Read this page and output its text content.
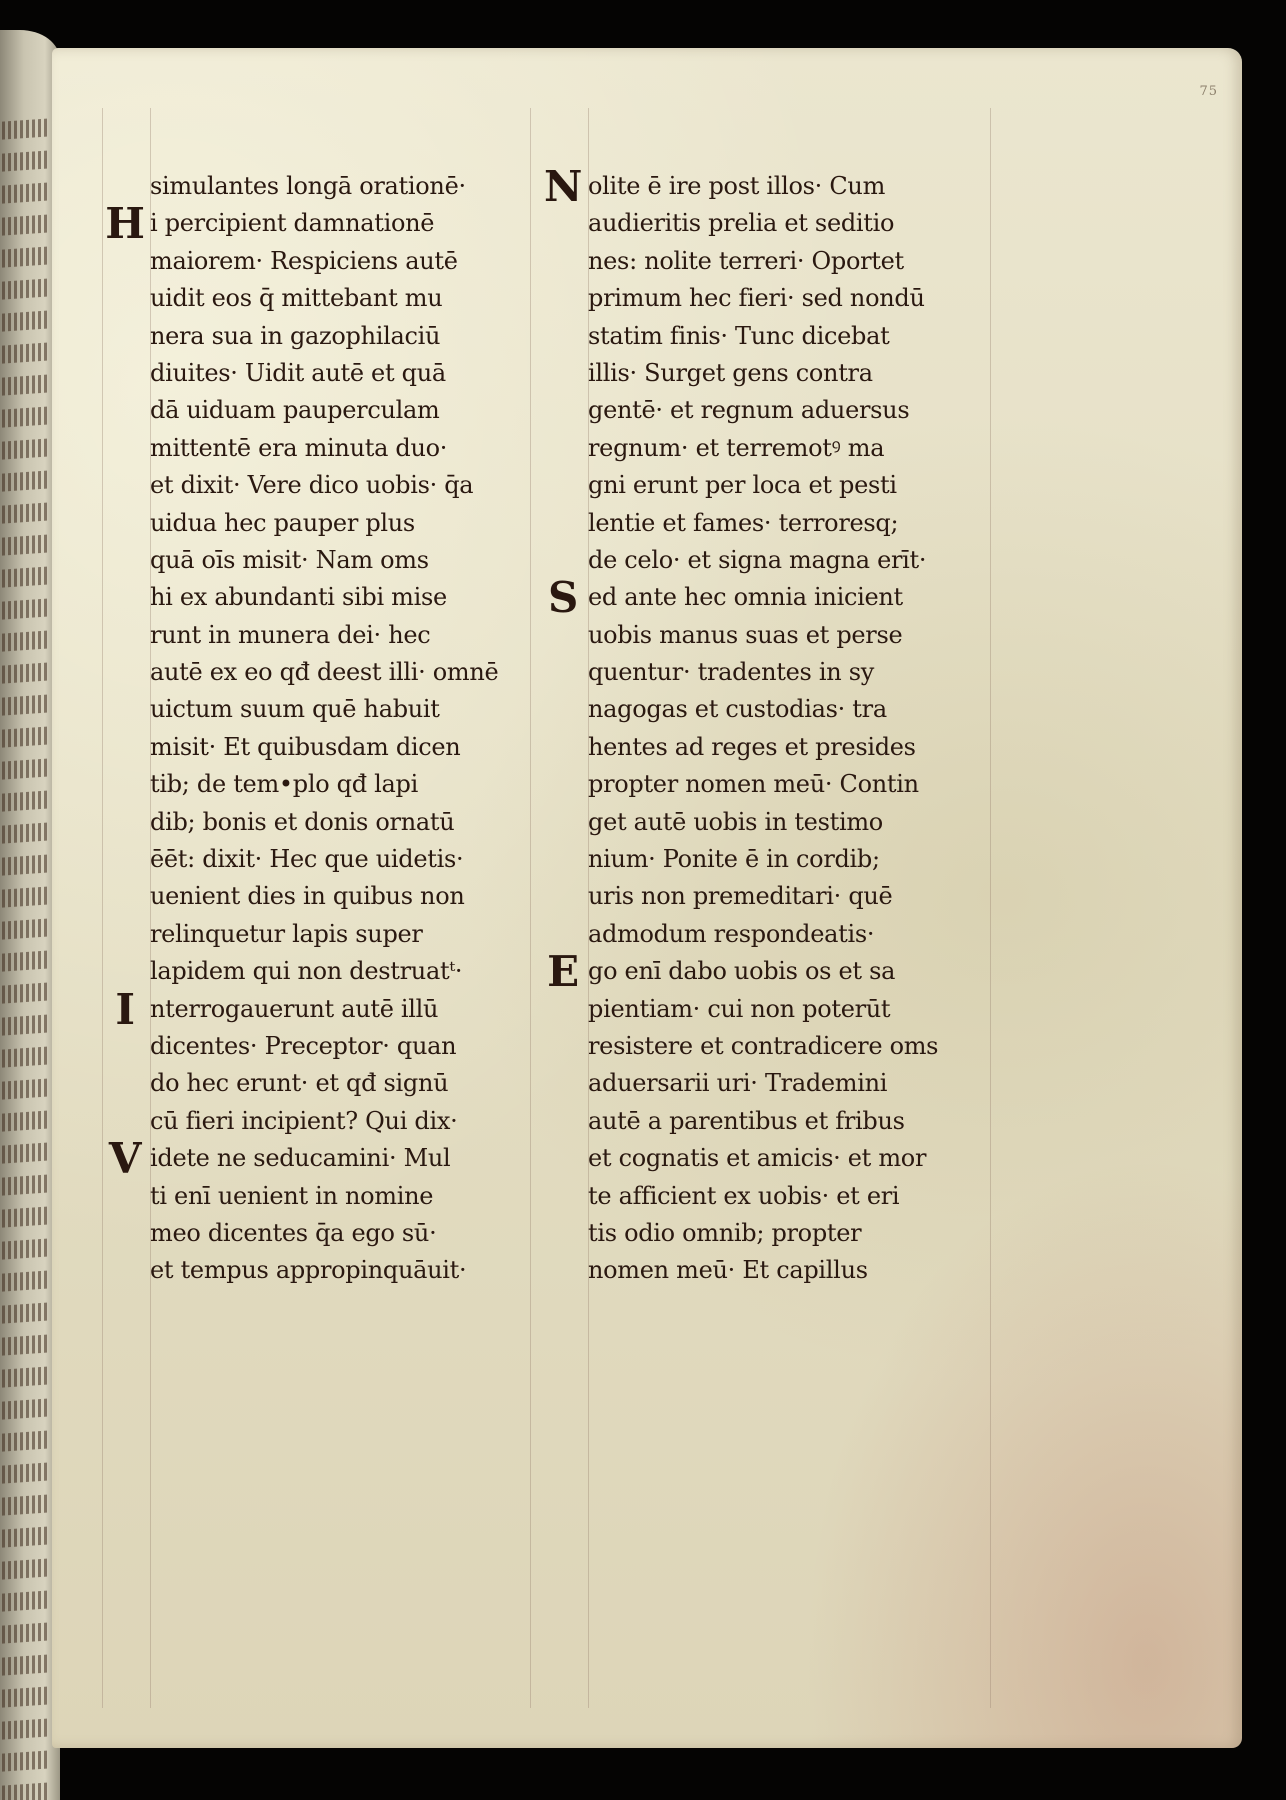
75
simulantes longā orationē·
H i percipient damnationē
maiorem· Respiciens autē
uidit eos q̄ mittebant mu
nera sua in gazophilaciū
diuites· Uidit autē et quā
dā uiduam pauperculam
mittentē era minuta duo·
et dixit· Vere dico uobis· q̄a
uidua hec pauper plus
quā oīs misit· Nam oms
hi ex abundanti sibi mise
runt in munera dei· hec
autē ex eo qđ deest illi· omnē
uictum suum quē habuit
misit· Et quibusdam dicen
tib; de tem•plo qđ lapi
dib; bonis et donis ornatū
ēēt: dixit· Hec que uidetis·
uenient dies in quibus non
relinquetur lapis super
lapidem qui non destruatᵗ·
I nterrogauerunt autē illū
dicentes· Preceptor· quan
do hec erunt· et qđ signū
cū fieri incipient? Qui dix·
V idete ne seducamini· Mul
ti enī uenient in nomine
meo dicentes q̄a ego sū·
et tempus appropinquāuit·
N olite ē ire post illos· Cum
audieritis prelia et seditio
nes: nolite terreri· Oportet
primum hec fieri· sed nondū
statim finis· Tunc dicebat
illis· Surget gens contra
gentē· et regnum aduersus
regnum· et terremotꝰ ma
gni erunt per loca et pesti
lentie et fames· terroresq;
de celo· et signa magna erīt·
S ed ante hec omnia inicient
uobis manus suas et perse
quentur· tradentes in sy
nagogas et custodias· tra
hentes ad reges et presides
propter nomen meū· Contin
get autē uobis in testimo
nium· Ponite ē in cordib;
uris non premeditari· quē
admodum respondeatis·
E go enī dabo uobis os et sa
pientiam· cui non poterūt
resistere et contradicere oms
aduersarii uri· Trademini
autē a parentibus et fribus
et cognatis et amicis· et mor
te afficient ex uobis· et eri
tis odio omnib; propter
nomen meū· Et capillus
